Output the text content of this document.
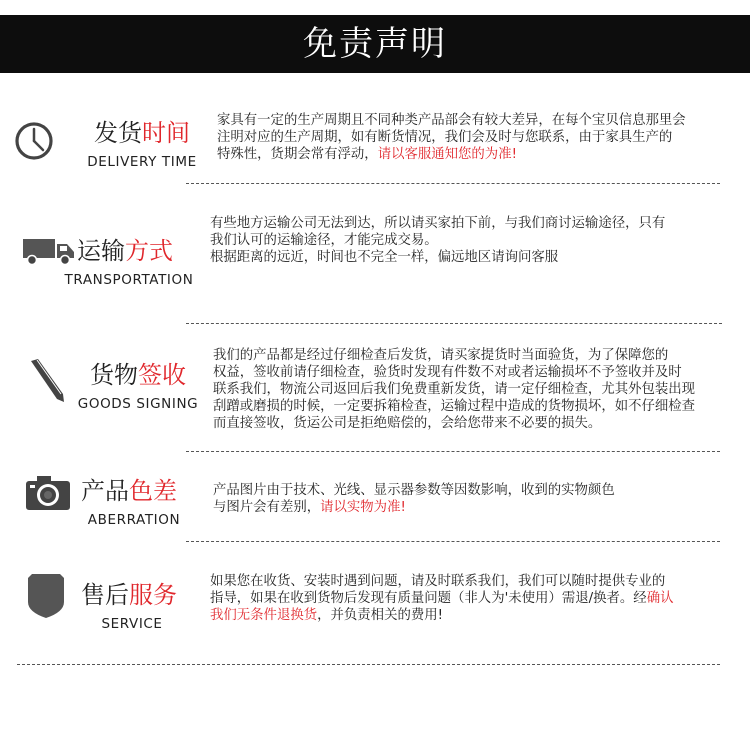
免责声明
发货时间
DELIVERY TIME
家具有一定的生产周期且不同种类产品部会有较大差异，在每个宝贝信息那里会
注明对应的生产周期，如有断货情况，我们会及时与您联系，由于家具生产的
特殊性，货期会常有浮动，请以客服通知您的为准!
运输方式
TRANSPORTATION
有些地方运输公司无法到达，所以请买家拍下前，与我们商讨运输途径，只有
我们认可的运输途径，才能完成交易。
根据距离的远近，时间也不完全一样，偏远地区请询问客服
货物签收
GOODS SIGNING
我们的产品都是经过仔细检查后发货，请买家提货时当面验货，为了保障您的
权益，签收前请仔细检查，验货时发现有件数不对或者运输损坏不予签收并及时
联系我们，物流公司返回后我们免费重新发货，请一定仔细检查，尤其外包装出现
刮蹭或磨损的时候，一定要拆箱检查，运输过程中造成的货物损坏，如不仔细检查
而直接签收，货运公司是拒绝赔偿的，会给您带来不必要的损失。
产品色差
ABERRATION
产品图片由于技术、光线、显示器参数等因数影响，收到的实物颜色
与图片会有差别，请以实物为准!
售后服务
SERVICE
如果您在收货、安装时遇到问题，请及时联系我们，我们可以随时提供专业的
指导，如果在收到货物后发现有质量问题（非人为'未使用）需退/换者。经确认
我们无条件退换货，并负责相关的费用!
